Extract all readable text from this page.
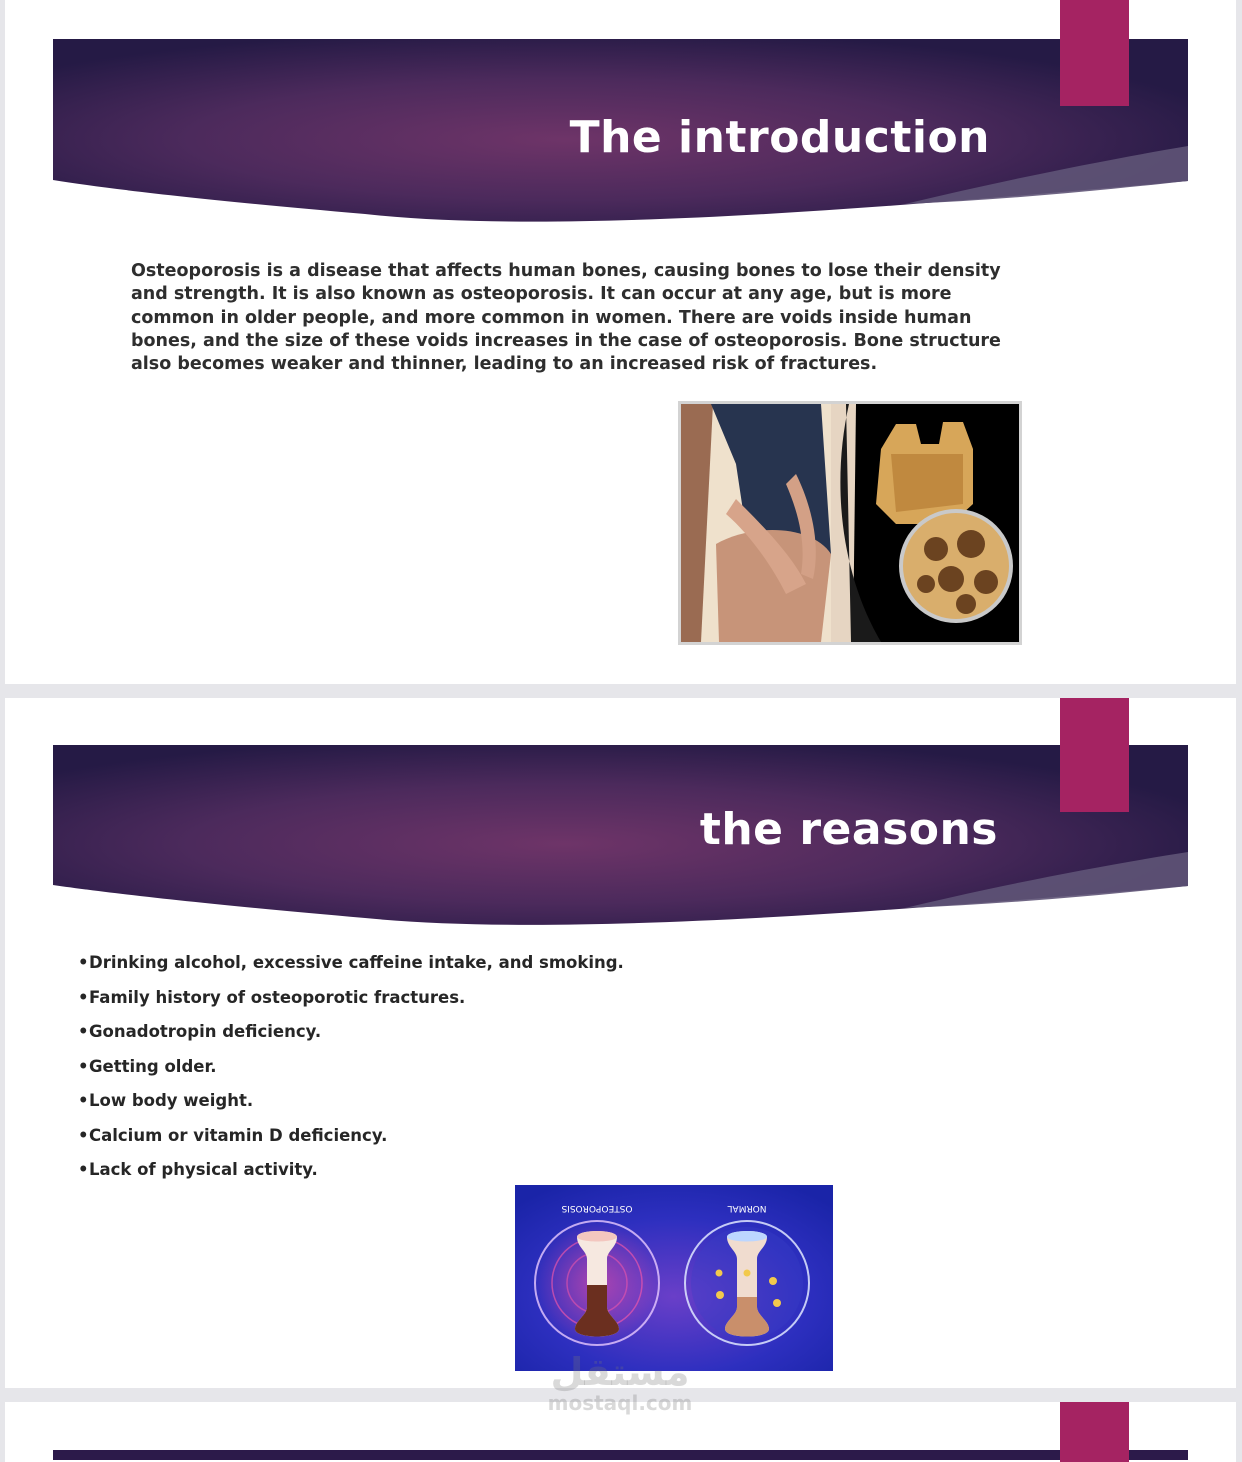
The introduction

Osteoporosis is a disease that affects human bones, causing bones to lose their density and strength. It is also known as osteoporosis. It can occur at any age, but is more common in older people, and more common in women. There are voids inside human bones, and the size of these voids increases in the case of osteoporosis. Bone structure also becomes weaker and thinner, leading to an increased risk of fractures.

the reasons
•Drinking alcohol, excessive caffeine intake, and smoking.
•Family history of osteoporotic fractures.
•Gonadotropin deficiency.
•Getting older.
•Low body weight.
•Calcium or vitamin D deficiency.
•Lack of physical activity.
OSTEOPOROSIS	NORMAL
مستقل
mostaql.com
